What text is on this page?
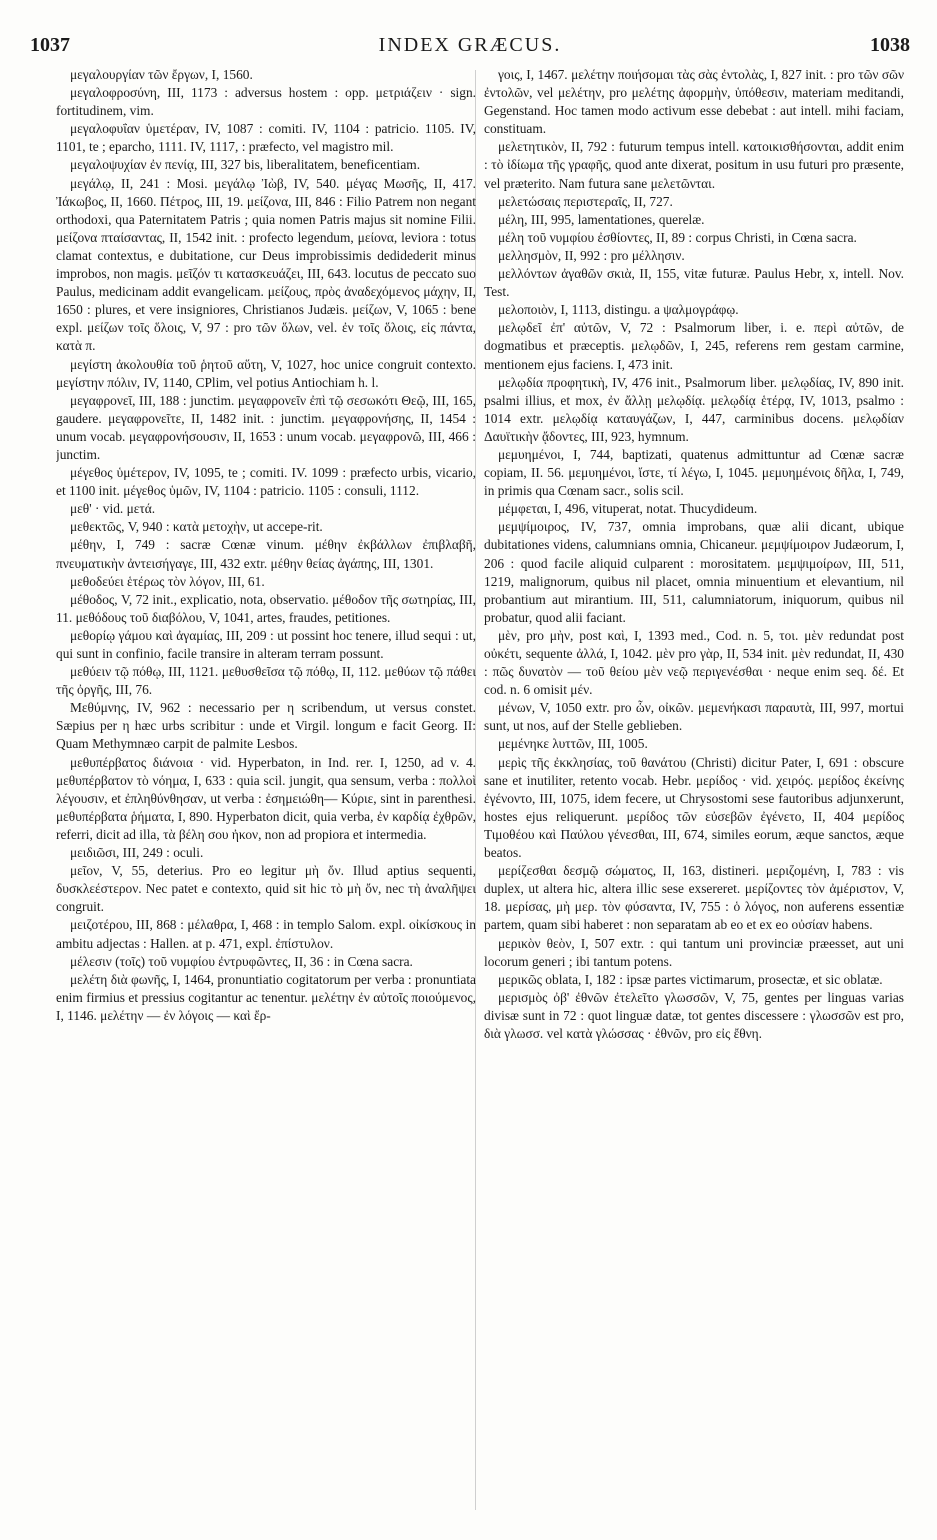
1037	INDEX GRÆCUS.	1038

μεγαλουργίαν τῶν ἔργων, I, 1560.

μεγαλοφροσύνη, III, 1173 : adversus hostem : opp. μετριάζειν · sign. fortitudinem, vim.

μεγαλοφυΐαν ὑμετέραν, IV, 1087 : comiti. IV, 1104 : patricio. 1105. IV, 1101, te ; eparcho, 1111. IV, 1117, : præfecto, vel magistro mil.

μεγαλοψυχίαν ἐν πενίᾳ, III, 327 bis, liberalitatem, beneficentiam.

μεγάλῳ, II, 241 : Mosi. μεγάλῳ Ἰὼβ, IV, 540. μέγας Μωσῆς, II, 417. Ἰάκωβος, II, 1660. Πέτρος, III, 19. μείζονα, III, 846 : Filio Patrem non negant orthodoxi, qua Paternitatem Patris ; quia nomen Patris majus sit nomine Filii. μείζονα πταίσαντας, II, 1542 init. : profecto legendum, μείονα, leviora : totus clamat contextus, e dubitatione, cur Deus improbissimis dedidederit minus improbos, non magis. μεῖζόν τι κατασκευάζει, III, 643. locutus de peccato suo Paulus, medicinam addit evangelicam. μείζους, πρὸς ἀναδεχόμενος μάχην, II, 1650 : plures, et vere insigniores, Christianos Judæis. μείζων, V, 1065 : bene expl. μείζων τοῖς ὅλοις, V, 97 : pro τῶν ὅλων, vel. ἐν τοῖς ὅλοις, εἰς πάντα, κατὰ π.

μεγίστη ἀκολουθία τοῦ ῥητοῦ αὕτη, V, 1027, hoc unice congruit contexto. μεγίστην πόλιν, IV, 1140, CPlim, vel potius Antiochiam h. l.

μεγαφρονεῖ, III, 188 : junctim. μεγαφρονεῖν ἐπὶ τῷ σεσωκότι Θεῷ, III, 165, gaudere. μεγαφρονεῖτε, II, 1482 init. : junctim. μεγαφρονήσης, II, 1454 : unum vocab. μεγαφρονήσουσιν, II, 1653 : unum vocab. μεγαφρονῶ, III, 466 : junctim.

μέγεθος ὑμέτερον, IV, 1095, te ; comiti. IV. 1099 : præfecto urbis, vicario, et 1100 init. μέγεθος ὑμῶν, IV, 1104 : patricio. 1105 : consuli, 1112.

μεθ' · vid. μετά.

μεθεκτῶς, V, 940 : κατὰ μετοχὴν, ut accepe-rit.

μέθην, I, 749 : sacræ Cœnæ vinum. μέθην ἐκβάλλων ἐπιβλαβῆ, πνευματικὴν ἀντεισήγαγε, III, 432 extr. μέθην θείας ἀγάπης, III, 1301.

μεθοδεύει ἑτέρως τὸν λόγον, III, 61.

μέθοδος, V, 72 init., explicatio, nota, observatio. μέθοδον τῆς σωτηρίας, III, 11. μεθόδους τοῦ διαβόλου, V, 1041, artes, fraudes, petitiones.

μεθορίῳ γάμου καὶ ἀγαμίας, III, 209 : ut possint hoc tenere, illud sequi : ut, qui sunt in confinio, facile transire in alteram terram possunt.

μεθύειν τῷ πόθῳ, III, 1121. μεθυσθεῖσα τῷ πόθῳ, II, 112. μεθύων τῷ πάθει τῆς ὀργῆς, III, 76.

Μεθύμνης, IV, 962 : necessario per η scribendum, ut versus constet. Sæpius per η hæc urbs scribitur : unde et Virgil. longum e facit Georg. II: Quam Methymnæo carpit de palmite Lesbos.

μεθυπέρβατος διάνοια · vid. Hyperbaton, in Ind. rer. I, 1250, ad v. 4. μεθυπέρβατον τὸ νόημα, I, 633 : quia scil. jungit, qua sensum, verba : πολλοὶ λέγουσιν, et ἐπληθύνθησαν, ut verba : ἐσημειώθη— Κύριε, sint in parenthesi. μεθυπέρβατα ῥήματα, I, 890. Hyperbaton dicit, quia verba, ἐν καρδίᾳ ἐχθρῶν, referri, dicit ad illa, τὰ βέλη σου ἠκον, non ad propiora et intermedia.

μειδιῶσι, III, 249 : oculi.

μεῖον, V, 55, deterius. Pro eo legitur μὴ ὄν. Illud aptius sequenti, δυσκλεέστερον. Nec patet e contexto, quid sit hic τὸ μὴ ὄν, nec τὴ ἀναλῆψει congruit.

μειζοτέρου, III, 868 : μέλαθρα, I, 468 : in templo Salom. expl. οἰκίσκους in ambitu adjectas : Hallen. at p. 471, expl. ἐπίστυλον.

μέλεσιν (τοῖς) τοῦ νυμφίου ἐντρυφῶντες, II, 36 : in Cœna sacra.

μελέτη διὰ φωνῆς, I, 1464, pronuntiatio cogitatorum per verba : pronuntiata enim firmius et pressius cogitantur ac tenentur. μελέτην ἐν αὐτοῖς ποιούμενος, I, 1146. μελέτην — ἐν λόγοις — καὶ ἔρ-

γοις, I, 1467. μελέτην ποιήσομαι τὰς σὰς ἐντολὰς, I, 827 init. : pro τῶν σῶν ἐντολῶν, vel μελέτην, pro μελέτης ἀφορμὴν, ὑπόθεσιν, materiam meditandi, Gegenstand. Hoc tamen modo activum esse debebat : aut intell. mihi faciam, constituam.

μελετητικὸν, II, 792 : futurum tempus intell. κατοικισθήσονται, addit enim : τὸ ἰδίωμα τῆς γραφῆς, quod ante dixerat, positum in usu futuri pro præsente, vel præterito. Nam futura sane μελετῶνται.

μελετώσαις περιστεραῖς, II, 727.

μέλη, III, 995, lamentationes, querelæ.

μέλη τοῦ νυμφίου ἐσθίοντες, II, 89 : corpus Christi, in Cœna sacra.

μελλησμὸν, II, 992 : pro μέλλησιν.

μελλόντων ἀγαθῶν σκιὰ, II, 155, vitæ futuræ. Paulus Hebr, x, intell. Nov. Test.

μελοποιὸν, I, 1113, distingu. a ψαλμογράφῳ.

μελῳδεῖ ἐπ' αὐτῶν, V, 72 : Psalmorum liber, i. e. περὶ αὐτῶν, de dogmatibus et præceptis. μελῳδῶν, I, 245, referens rem gestam carmine, mentionem ejus faciens. I, 473 init.

μελῳδία προφητικὴ, IV, 476 init., Psalmorum liber. μελῳδίας, IV, 890 init. psalmi illius, et mox, ἐν ἄλλῃ μελῳδίᾳ. μελῳδίᾳ ἑτέρᾳ, IV, 1013, psalmo : 1014 extr. μελῳδίᾳ καταυγάζων, I, 447, carminibus docens. μελῳδίαν Δαυϊτικὴν ᾄδοντες, III, 923, hymnum.

μεμυημένοι, I, 744, baptizati, quatenus admittuntur ad Cœnæ sacræ copiam, II. 56. μεμυημένοι, ἴστε, τί λέγω, I, 1045. μεμυημένοις δῆλα, I, 749, in primis qua Cœnam sacr., solis scil.

μέμφεται, I, 496, vituperat, notat. Thucydideum.

μεμψίμοιρος, IV, 737, omnia improbans, quæ alii dicant, ubique dubitationes videns, calumnians omnia, Chicaneur. μεμψίμοιρον Judæorum, I, 206 : quod facile aliquid culparent : morositatem. μεμψιμοίρων, III, 511, 1219, malignorum, quibus nil placet, omnia minuentium et elevantium, nil probantium aut mirantium. III, 511, calumniatorum, iniquorum, quibus nil probatur, quod alii faciant.

μὲν, pro μὴν, post καὶ, I, 1393 med., Cod. n. 5, τοι. μὲν redundat post οὐκέτι, sequente ἀλλά, I, 1042. μὲν pro γὰρ, II, 534 init. μὲν redundat, II, 430 : πῶς δυνατὸν — τοῦ θείου μὲν νεῷ περιγενέσθαι · neque enim seq. δέ. Et cod. n. 6 omisit μέν.

μένων, V, 1050 extr. pro ὧν, οἰκῶν. μεμενήκασι παραυτὰ, III, 997, mortui sunt, ut nos, auf der Stelle geblieben.

μεμένηκε λυττῶν, III, 1005.

μερὶς τῆς ἐκκλησίας, τοῦ θανάτου (Christi) dicitur Pater, I, 691 : obscure sane et inutiliter, retento vocab. Hebr. μερίδος · vid. χειρός. μερίδος ἐκείνης ἐγένοντο, III, 1075, idem fecere, ut Chrysostomi sese fautoribus adjunxerunt, hostes ejus reliquerunt. μερίδος τῶν εὐσεβῶν ἐγένετο, II, 404 μερίδος Τιμοθέου καὶ Παύλου γένεσθαι, III, 674, similes eorum, æque sanctos, æque beatos.

μερίζεσθαι δεσμῷ σώματος, II, 163, distineri. μεριζομένη, I, 783 : vis duplex, ut altera hic, altera illic sese exsereret. μερίζοντες τὸν ἀμέριστον, V, 18. μερίσας, μὴ μερ. τὸν φύσαντα, IV, 755 : ὁ λόγος, non auferens essentiæ partem, quam sibi haberet : non separatam ab eo et ex eo οὐσίαν habens.

μερικὸν θεὸν, I, 507 extr. : qui tantum uni provinciæ præesset, aut uni locorum generi ; ibi tantum potens.

μερικῶς oblata, I, 182 : ipsæ partes victimarum, prosectæ, et sic oblatæ.

μερισμὸς ὀβ' ἐθνῶν ἐτελεῖτο γλωσσῶν, V, 75, gentes per linguas varias divisæ sunt in 72 : quot linguæ datæ, tot gentes discessere : γλωσσῶν est pro, διὰ γλωσσ. vel κατὰ γλώσσας · ἐθνῶν, pro εἰς ἔθνη.
